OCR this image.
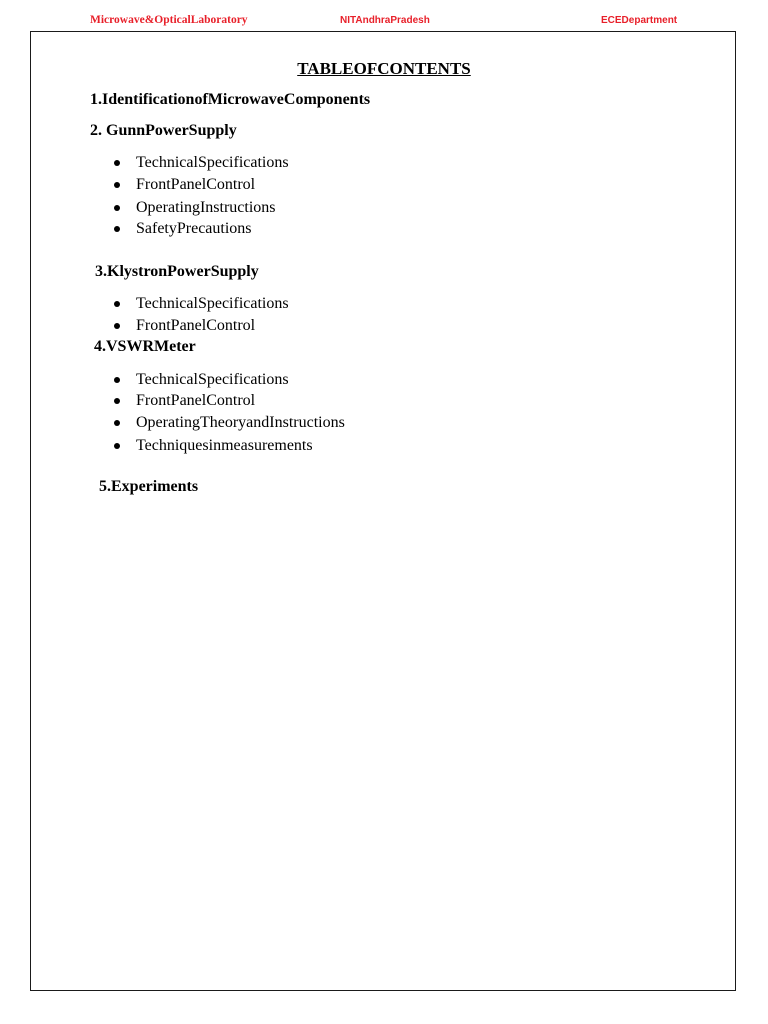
Microwave&OpticalLaboratory	NITAndhraPradesh	ECEDepartment
TABLEOFCONTENTS
1.IdentificationofMicrowaveComponents
2. GunnPowerSupply
TechnicalSpecifications
FrontPanelControl
OperatingInstructions
SafetyPrecautions
3.KlystronPowerSupply
TechnicalSpecifications
FrontPanelControl
4.VSWRMeter
TechnicalSpecifications
FrontPanelControl
OperatingTheoryandInstructions
Techniquesinmeasurements
5.Experiments
